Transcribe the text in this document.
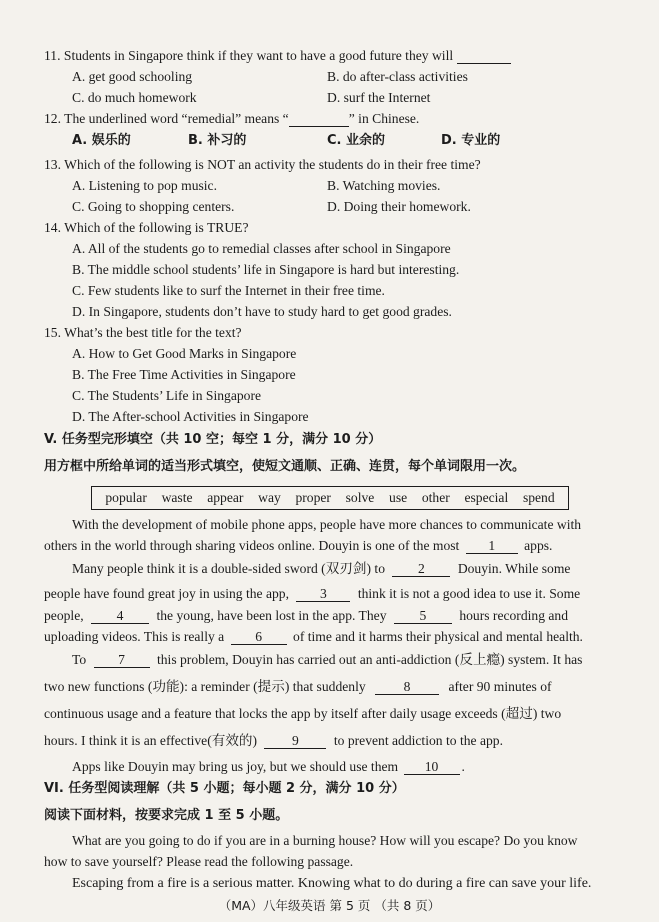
11. Students in Singapore think if they want to have a good future they will
A. get good schooling	B. do after-class activities
C. do much homework	D. surf the Internet
12. The underlined word “remedial” means “	” in Chinese.
A. 娱乐的	B. 补习的	C. 业余的	D. 专业的
13. Which of the following is NOT an activity the students do in their free time?
A. Listening to pop music.	B. Watching movies.
C. Going to shopping centers.	D. Doing their homework.
14. Which of the following is TRUE?
A. All of the students go to remedial classes after school in Singapore
B. The middle school students’ life in Singapore is hard but interesting.
C. Few students like to surf the Internet in their free time.
D. In Singapore, students don’t have to study hard to get good grades.
15. What’s the best title for the text?
A. How to Get Good Marks in Singapore
B. The Free Time Activities in Singapore
C. The Students’ Life in Singapore
D. The After-school Activities in Singapore
V. 任务型完形填空（共 10 空；每空 1 分，满分 10 分）
用方框中所给单词的适当形式填空，使短文通顺、正确、连贯，每个单词限用一次。
popular waste appear way proper solve use other especial spend
With the development of mobile phone apps, people have more chances to communicate with
others in the world through sharing videos online. Douyin is one of the most 1 apps.
Many people think it is a double-sided sword (双刃剑) to 2 Douyin. While some
people have found great joy in using the app, 3 think it is not a good idea to use it. Some
people, 4 the young, have been lost in the app. They 5 hours recording and
uploading videos. This is really a 6 of time and it harms their physical and mental health.
To 7 this problem, Douyin has carried out an anti-addiction (反上瘾) system. It has
two new functions (功能): a reminder (提示) that suddenly	8	after 90 minutes of
continuous usage and a feature that locks the app by itself after daily usage exceeds (超过) two
hours. I think it is an effective(有效的)	9	to prevent addiction to the app.
Apps like Douyin may bring us joy, but we should use them 10 .
VI. 任务型阅读理解（共 5 小题；每小题 2 分，满分 10 分）
阅读下面材料，按要求完成 1 至 5 小题。
What are you going to do if you are in a burning house? How will you escape? Do you know
how to save yourself? Please read the following passage.
Escaping from a fire is a serious matter. Knowing what to do during a fire can save your life.
（MA）八年级英语 第 5 页 （共 8 页）
